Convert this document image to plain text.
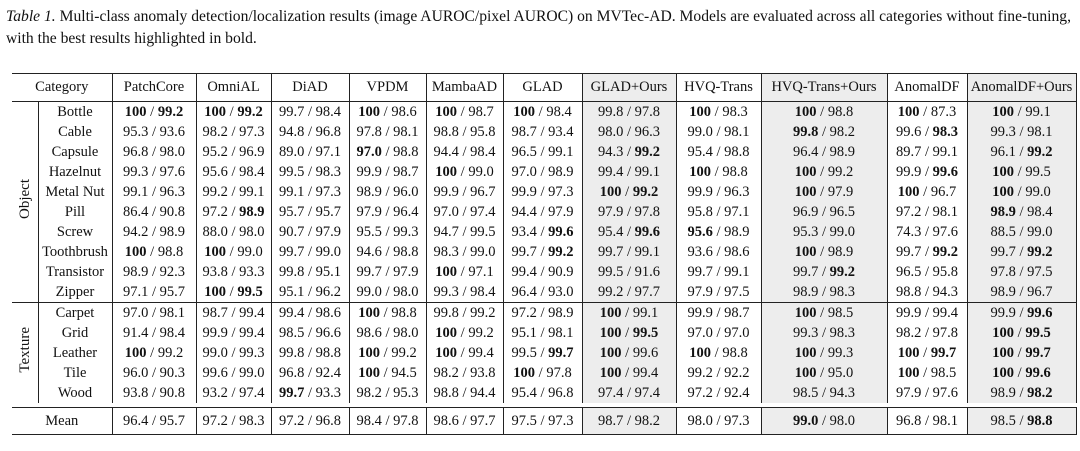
Table 1. Multi-class anomaly detection/localization results (image AUROC/pixel AUROC) on MVTec-AD. Models are evaluated across all categories without fine-tuning, with the best results highlighted in bold.
Category		PatchCore	OmniAL	DiAD	VPDM	MambaAD	GLAD	GLAD+Ours	HVQ-Trans	HVQ-Trans+Ours	AnomalDF	AnomalDF+Ours
Object	Bottle	100 / 99.2	100 / 99.2	99.7 / 98.4	100 / 98.6	100 / 98.7	100 / 98.4	99.8 / 97.8	100 / 98.3	100 / 98.8	100 / 87.3	100 / 99.1
	Cable	95.3 / 93.6	98.2 / 97.3	94.8 / 96.8	97.8 / 98.1	98.8 / 95.8	98.7 / 93.4	98.0 / 96.3	99.0 / 98.1	99.8 / 98.2	99.6 / 98.3	99.3 / 98.1
	Capsule	96.8 / 98.0	95.2 / 96.9	89.0 / 97.1	97.0 / 98.8	94.4 / 98.4	96.5 / 99.1	94.3 / 99.2	95.4 / 98.8	96.4 / 98.9	89.7 / 99.1	96.1 / 99.2
	Hazelnut	99.3 / 97.6	95.6 / 98.4	99.5 / 98.3	99.9 / 98.7	100 / 99.0	97.0 / 98.9	99.4 / 99.1	100 / 98.8	100 / 99.2	99.9 / 99.6	100 / 99.5
	Metal Nut	99.1 / 96.3	99.2 / 99.1	99.1 / 97.3	98.9 / 96.0	99.9 / 96.7	99.9 / 97.3	100 / 99.2	99.9 / 96.3	100 / 97.9	100 / 96.7	100 / 99.0
	Pill	86.4 / 90.8	97.2 / 98.9	95.7 / 95.7	97.9 / 96.4	97.0 / 97.4	94.4 / 97.9	97.9 / 97.8	95.8 / 97.1	96.9 / 96.5	97.2 / 98.1	98.9 / 98.4
	Screw	94.2 / 98.9	88.0 / 98.0	90.7 / 97.9	95.5 / 99.3	94.7 / 99.5	93.4 / 99.6	95.4 / 99.6	95.6 / 98.9	95.3 / 99.0	74.3 / 97.6	88.5 / 99.0
	Toothbrush	100 / 98.8	100 / 99.0	99.7 / 99.0	94.6 / 98.8	98.3 / 99.0	99.7 / 99.2	99.7 / 99.1	93.6 / 98.6	100 / 98.9	99.7 / 99.2	99.7 / 99.2
	Transistor	98.9 / 92.3	93.8 / 93.3	99.8 / 95.1	99.7 / 97.9	100 / 97.1	99.4 / 90.9	99.5 / 91.6	99.7 / 99.1	99.7 / 99.2	96.5 / 95.8	97.8 / 97.5
	Zipper	97.1 / 95.7	100 / 99.5	95.1 / 96.2	99.0 / 98.0	99.3 / 98.4	96.4 / 93.0	99.2 / 97.7	97.9 / 97.5	98.9 / 98.3	98.8 / 94.3	98.9 / 96.7
Texture	Carpet	97.0 / 98.1	98.7 / 99.4	99.4 / 98.6	100 / 98.8	99.8 / 99.2	97.2 / 98.9	100 / 99.1	99.9 / 98.7	100 / 98.5	99.9 / 99.4	99.9 / 99.6
	Grid	91.4 / 98.4	99.9 / 99.4	98.5 / 96.6	98.6 / 98.0	100 / 99.2	95.1 / 98.1	100 / 99.5	97.0 / 97.0	99.3 / 98.3	98.2 / 97.8	100 / 99.5
	Leather	100 / 99.2	99.0 / 99.3	99.8 / 98.8	100 / 99.2	100 / 99.4	99.5 / 99.7	100 / 99.6	100 / 98.8	100 / 99.3	100 / 99.7	100 / 99.7
	Tile	96.0 / 90.3	99.6 / 99.0	96.8 / 92.4	100 / 94.5	98.2 / 93.8	100 / 97.8	100 / 99.4	99.2 / 92.2	100 / 95.0	100 / 98.5	100 / 99.6
	Wood	93.8 / 90.8	93.2 / 97.4	99.7 / 93.3	98.2 / 95.3	98.8 / 94.4	95.4 / 96.8	97.4 / 97.4	97.2 / 92.4	98.5 / 94.3	97.9 / 97.6	98.9 / 98.2

Mean		96.4 / 95.7	97.2 / 98.3	97.2 / 96.8	98.4 / 97.8	98.6 / 97.7	97.5 / 97.3	98.7 / 98.2	98.0 / 97.3	99.0 / 98.0	96.8 / 98.1	98.5 / 98.8
